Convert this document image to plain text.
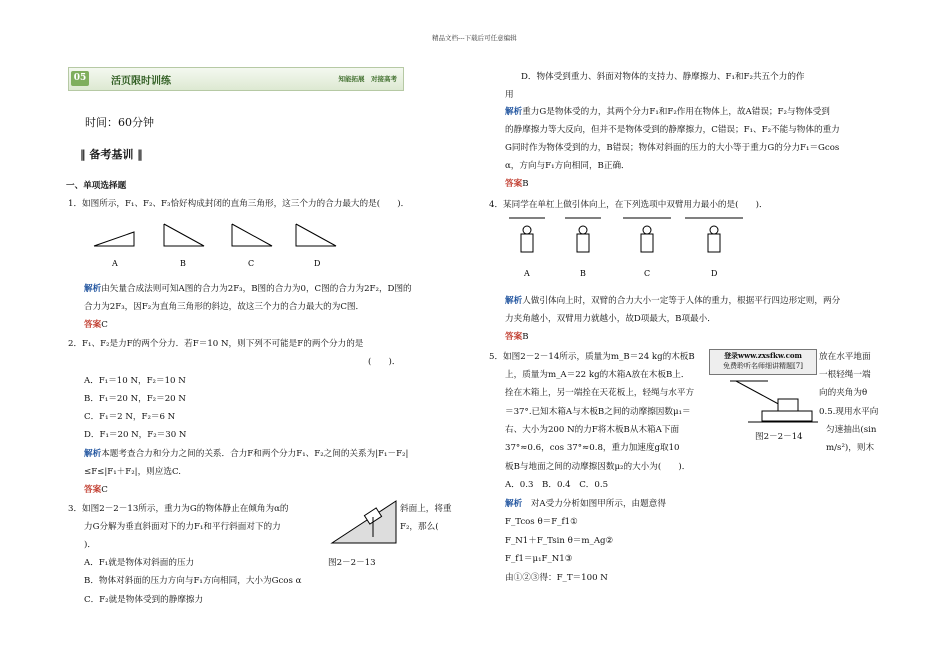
精品文档---下载后可任意编辑
05 活页限时训练	知能拓展　对接高考
时间：60分钟
‖ 备考基训 ‖
一、单项选择题
1．如图所示，F₁、F₂、F₃恰好构成封闭的直角三角形，这三个力的合力最大的是(　　)．
A	B	C	D
解析由矢量合成法则可知A图的合力为2F₃，B图的合力为0，C图的合力为2F₂，D图的
合力为2F₃，因F₂为直角三角形的斜边，故这三个力的合力最大的为C图．
答案C
2．F₁、F₂是力F的两个分力．若F＝10 N，则下列不可能是F的两个分力的是
(　　)．
A．F₁＝10 N，F₂＝10 N
B．F₁＝20 N，F₂＝20 N
C．F₁＝2 N，F₂＝6 N
D．F₁＝20 N，F₂＝30 N
解析本题考查合力和分力之间的关系．合力F和两个分力F₁、F₂之间的关系为|F₁－F₂|
≤F≤|F₁＋F₂|，则应选C.
答案C
3．如图2－2－13所示，重力为G的物体静止在倾角为α的	斜面上，将重
力G分解为垂直斜面对下的力F₁和平行斜面对下的力	F₂，那么(
)．
图2－2－13
A．F₁就是物体对斜面的压力
B．物体对斜面的压力方向与F₁方向相同，大小为Gcos α
C．F₂就是物体受到的静摩擦力
D．物体受到重力、斜面对物体的支持力、静摩擦力、F₁和F₂共五个力的作
用
解析重力G是物体受的力，其两个分力F₁和F₂作用在物体上，故A错误；F₂与物体受到
的静摩擦力等大反向，但并不是物体受到的静摩擦力，C错误；F₁、F₂不能与物体的重力
G同时作为物体受到的力，B错误；物体对斜面的压力的大小等于重力G的分力F₁＝Gcos
α，方向与F₁方向相同，B正确．
答案B
4．某同学在单杠上做引体向上，在下列选项中双臂用力最小的是(　　)．
A	B	C	D
解析人做引体向上时，双臂的合力大小一定等于人体的重力，根据平行四边形定则，两分
力夹角越小，双臂用力就越小，故D项最大，B项最小．
答案B
5．如图2－2－14所示，质量为m_B＝24 kg的木板B	放在水平地面
上，质量为m_A＝22 kg的木箱A放在木板B上．	一根轻绳一端
拴在木箱上，另一端拴在天花板上，轻绳与水平方	向的夹角为θ
＝37°.已知木箱A与木板B之间的动摩擦因数μ₁＝	0.5.现用水平向
右、大小为200 N的力F将木板B从木箱A下面	匀速抽出(sin
37°≈0.6，cos 37°≈0.8，重力加速度g取10	m/s²)，则木
板B与地面之间的动摩擦因数μ₂的大小为(　　)．
图2－2－14
登录www.zxsfkw.com
免费聆听名师细讲精题[7]
A．0.3　B．0.4　C．0.5
解析　 对A受力分析如图甲所示，由题意得
F_Tcos θ＝F_f1①
F_N1＋F_Tsin θ＝m_Ag②
F_f1＝μ₁F_N1③
由①②③得：F_T＝100 N
